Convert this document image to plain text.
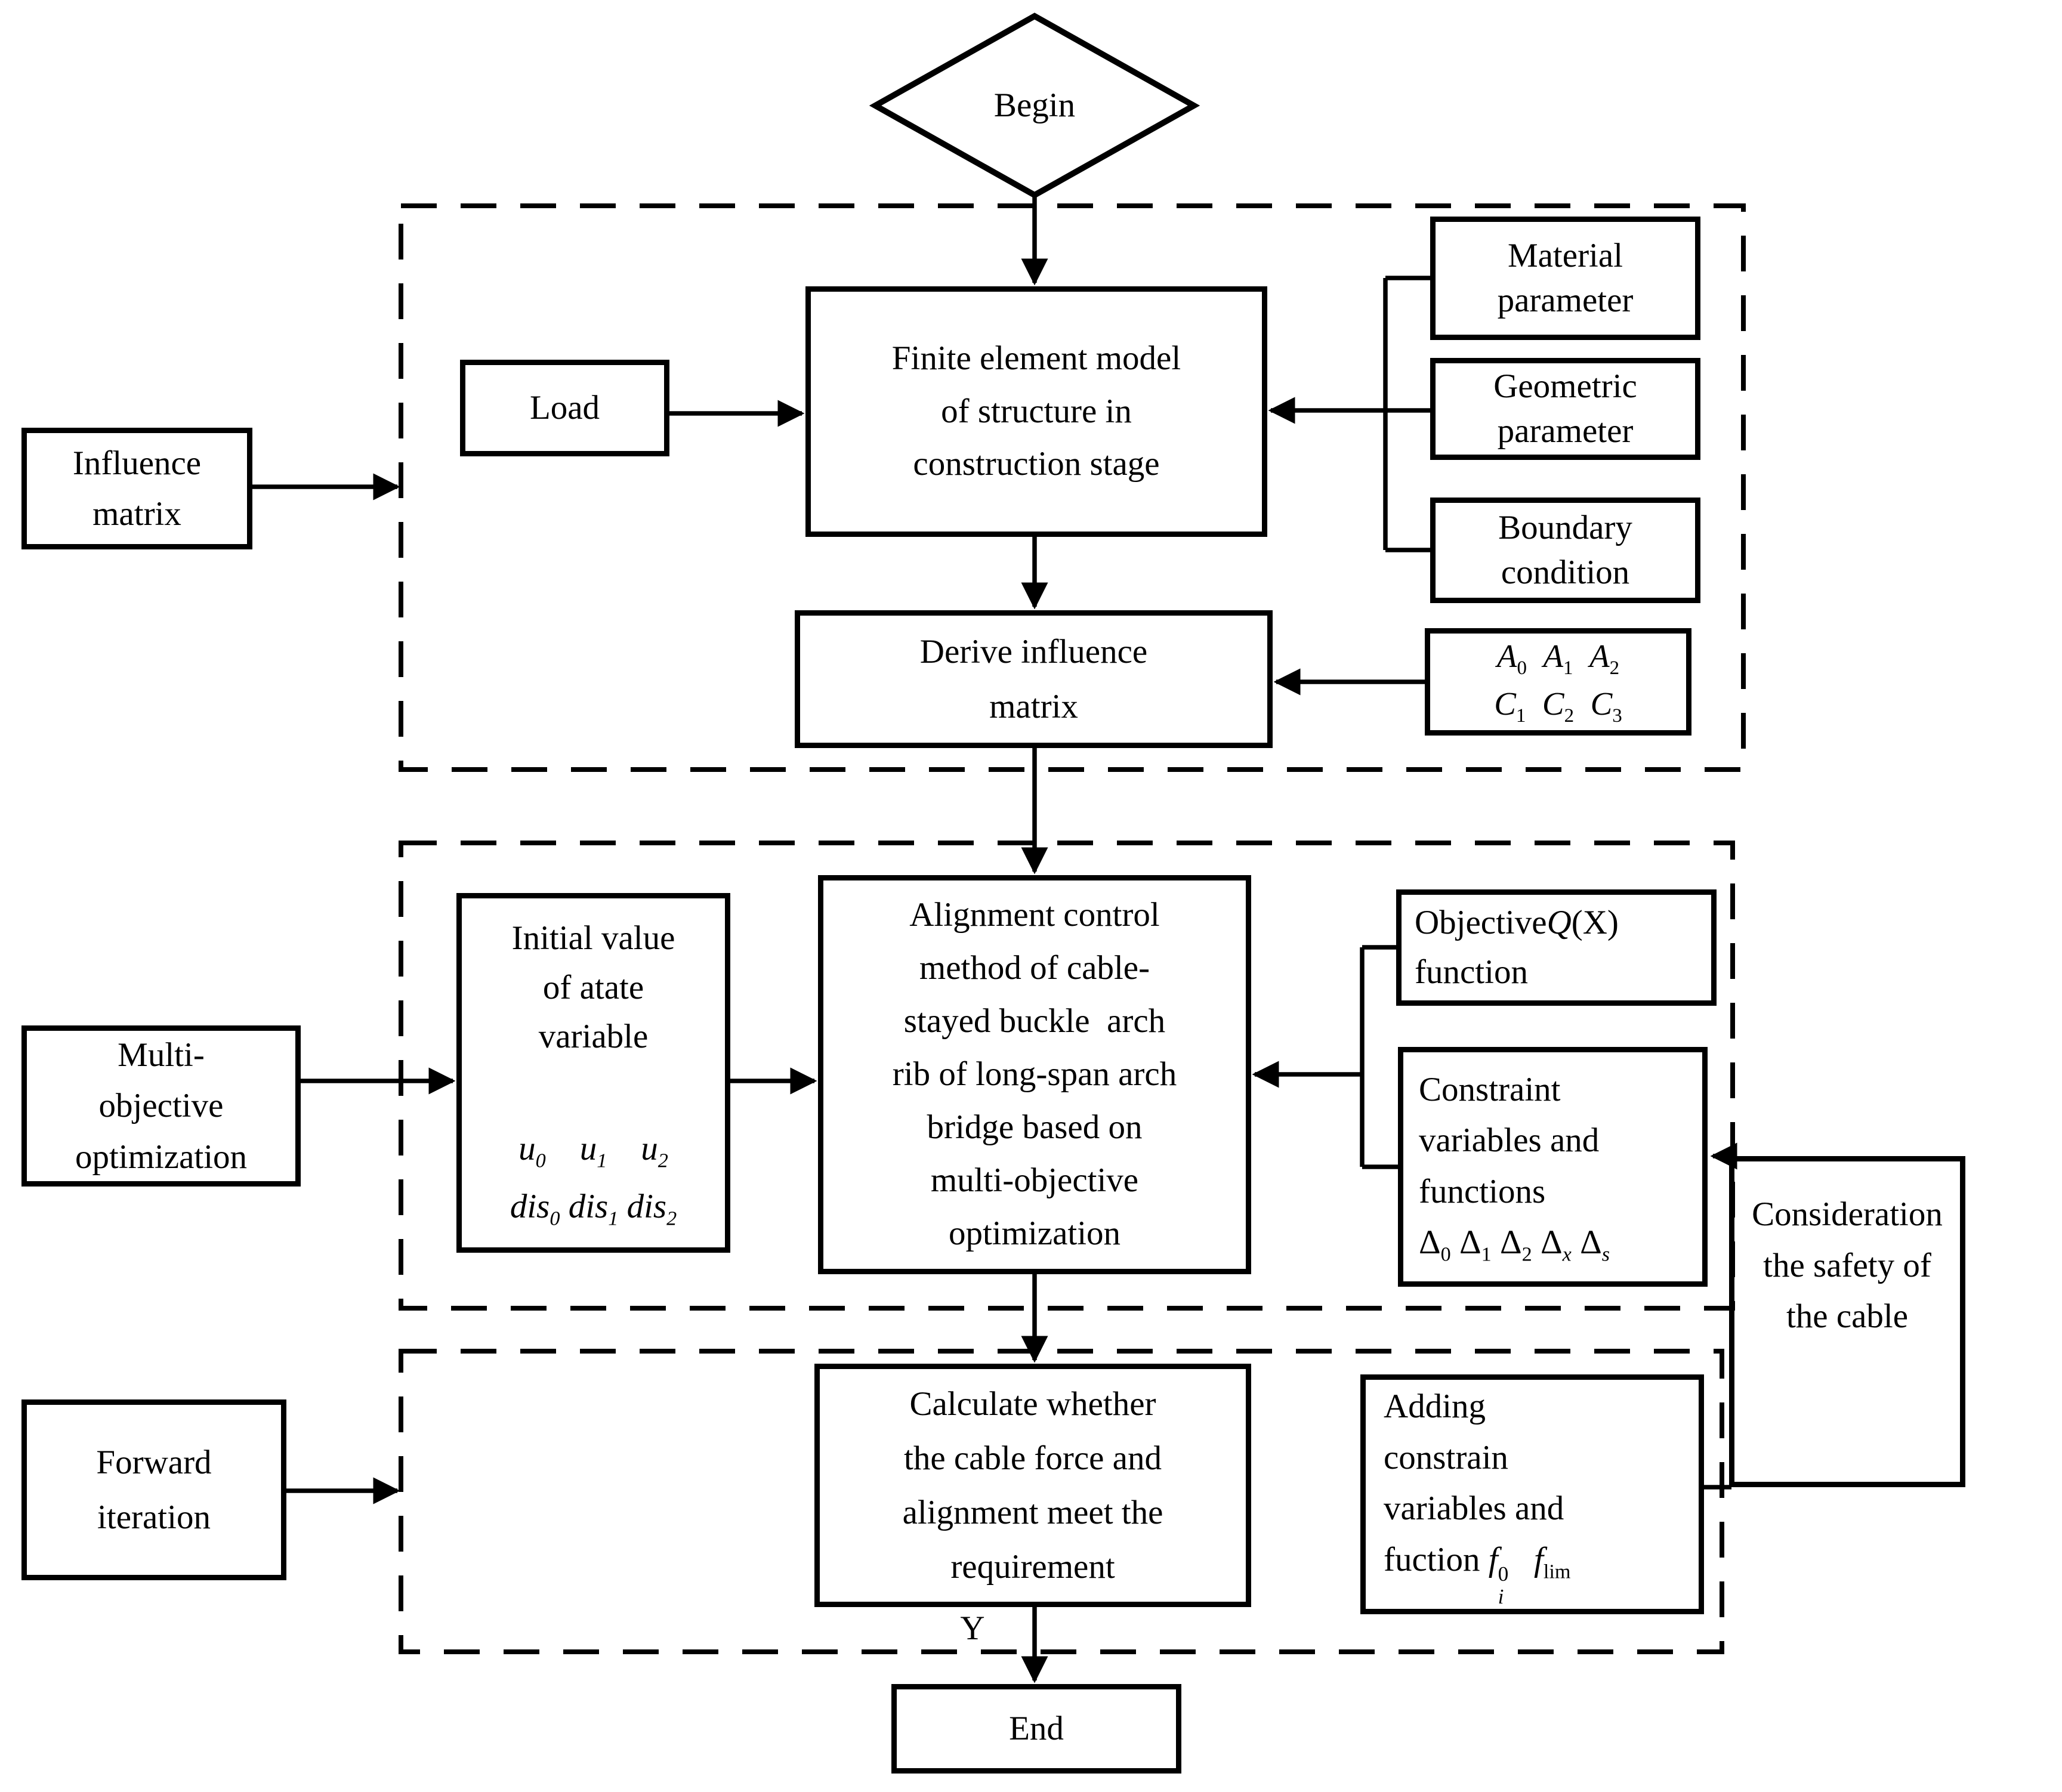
Begin
Influence
matrix
Multi-
objective
optimization
Forward
iteration
Load
Finite element model
of structure in
construction stage
Material
parameter
Geometric
parameter
Boundary
condition
Derive influence
matrix
$A_0$ $A_1$ $A_2$
$C_1$ $C_2$ $C_3$
Initial value
of atate
variable
$u_0$ $u_1$ $u_2$
dis$_0$ dis$_1$ dis$_2$
Alignment control
method of cable-
stayed buckle  arch
rib of long-span arch
bridge based on
multi-objective
optimization
ObjectiveQ(X)
function
Constraint
variables and
functions
$\Delta_0$ $\Delta_1$ $\Delta_2$ $\Delta_x$ $\Delta_s$
Calculate whether
the cable force and
alignment meet the
requirement
Adding
constrain
variables and
fuction f 0
i
$f_{lim}$
Consideration
the safety of
the cable
Y
End
